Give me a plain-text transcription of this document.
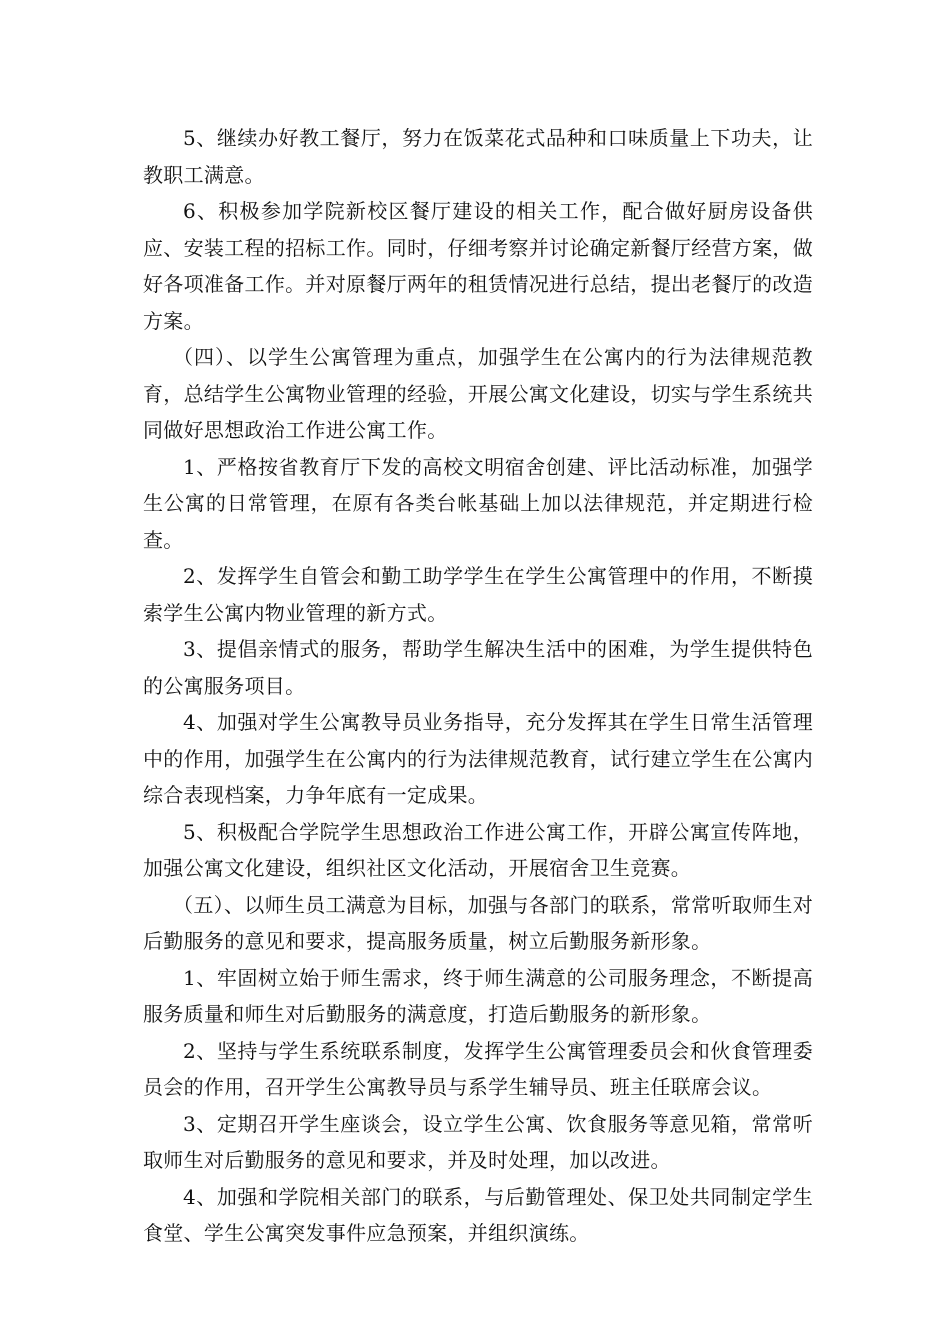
5、继续办好教工餐厅，努力在饭菜花式品种和口味质量上下功夫，让教职工满意。

6、积极参加学院新校区餐厅建设的相关工作，配合做好厨房设备供应、安装工程的招标工作。同时，仔细考察并讨论确定新餐厅经营方案，做好各项准备工作。并对原餐厅两年的租赁情况进行总结，提出老餐厅的改造方案。

（四）、以学生公寓管理为重点，加强学生在公寓内的行为法律规范教育，总结学生公寓物业管理的经验，开展公寓文化建设，切实与学生系统共同做好思想政治工作进公寓工作。

1、严格按省教育厅下发的高校文明宿舍创建、评比活动标准，加强学生公寓的日常管理，在原有各类台帐基础上加以法律规范，并定期进行检查。

2、发挥学生自管会和勤工助学学生在学生公寓管理中的作用，不断摸索学生公寓内物业管理的新方式。

3、提倡亲情式的服务，帮助学生解决生活中的困难，为学生提供特色的公寓服务项目。

4、加强对学生公寓教导员业务指导，充分发挥其在学生日常生活管理中的作用，加强学生在公寓内的行为法律规范教育，试行建立学生在公寓内综合表现档案，力争年底有一定成果。

5、积极配合学院学生思想政治工作进公寓工作，开辟公寓宣传阵地，加强公寓文化建设，组织社区文化活动，开展宿舍卫生竞赛。

（五）、以师生员工满意为目标，加强与各部门的联系，常常听取师生对后勤服务的意见和要求，提高服务质量，树立后勤服务新形象。

1、牢固树立始于师生需求，终于师生满意的公司服务理念，不断提高服务质量和师生对后勤服务的满意度，打造后勤服务的新形象。

2、坚持与学生系统联系制度，发挥学生公寓管理委员会和伙食管理委员会的作用，召开学生公寓教导员与系学生辅导员、班主任联席会议。

3、定期召开学生座谈会，设立学生公寓、饮食服务等意见箱，常常听取师生对后勤服务的意见和要求，并及时处理，加以改进。

4、加强和学院相关部门的联系，与后勤管理处、保卫处共同制定学生食堂、学生公寓突发事件应急预案，并组织演练。
